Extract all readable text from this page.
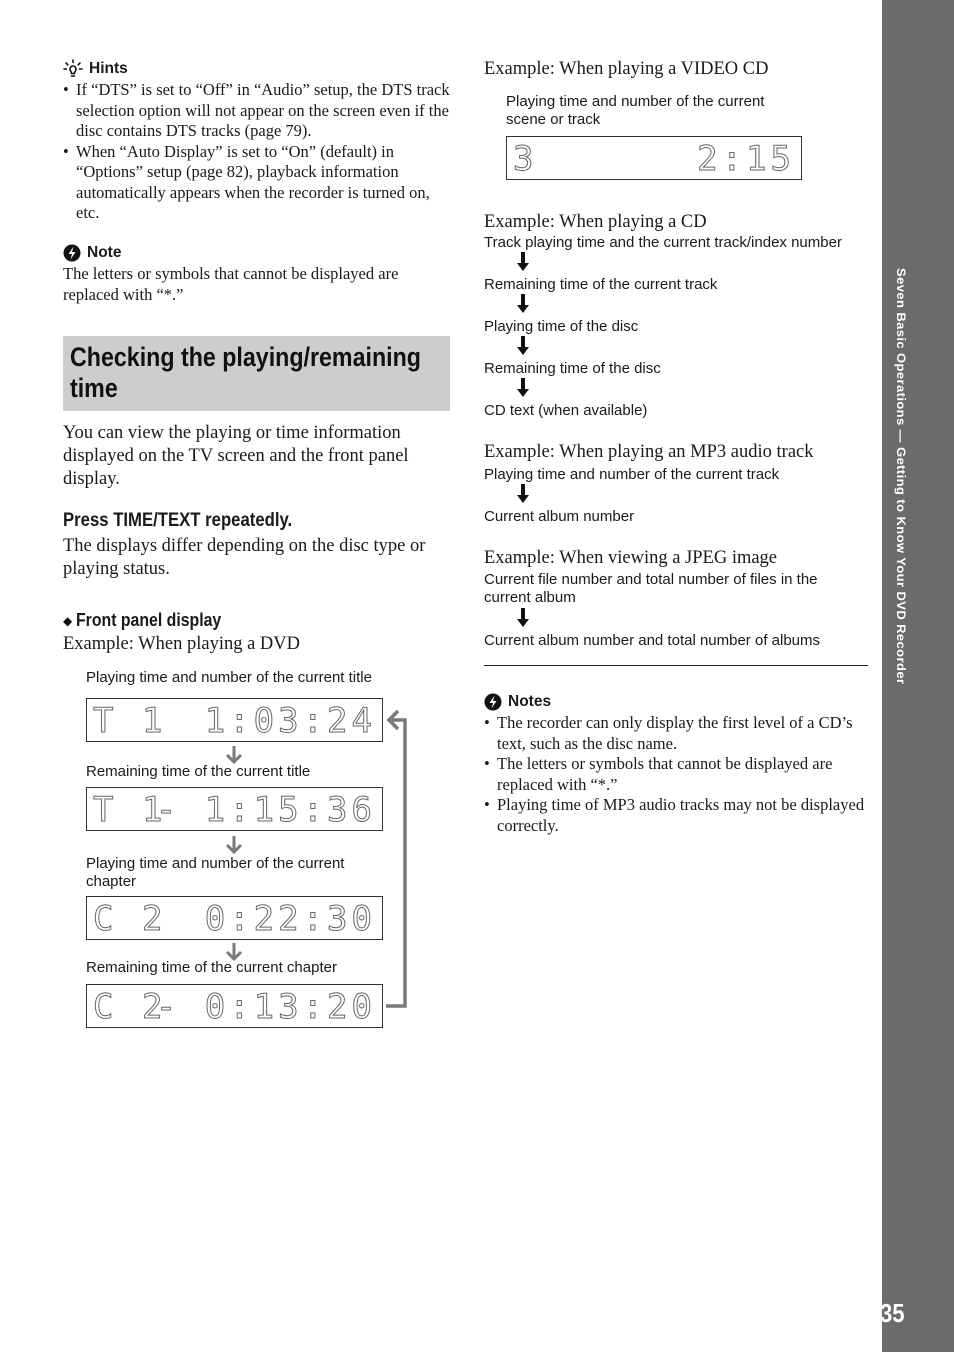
Seven Basic Operations — Getting to Know Your DVD Recorder
35
Hints
• If “DTS” is set to “Off” in “Audio” setup, the DTS track selection option will not appear on the screen even if the disc contains DTS tracks (page 79).
• When “Auto Display” is set to “On” (default) in “Options” setup (page 82), playback information automatically appears when the recorder is turned on, etc.
Note
The letters or symbols that cannot be displayed are replaced with “*.”
Checking the playing/remaining time
You can view the playing or time information displayed on the TV screen and the front panel display.
Press TIME/TEXT repeatedly.
The displays differ depending on the disc type or playing status.
◆ Front panel display
Example: When playing a DVD
Playing time and number of the current title
Remaining time of the current title
Playing time and number of the current chapter
Remaining time of the current chapter
T 1 1:03:24
T 1
- 1:15:36
C 2 0:22:30
C 2
- 0:13:20
Example: When playing a VIDEO CD
Playing time and number of the current scene or track
3	2:15
Example: When playing a CD
Track playing time and the current track/index number
Remaining time of the current track
Playing time of the disc
Remaining time of the disc
CD text (when available)
Example: When playing an MP3 audio track
Playing time and number of the current track
Current album number
Example: When viewing a JPEG image
Current file number and total number of files in the current album
Current album number and total number of albums
Notes
• The recorder can only display the first level of a CD’s text, such as the disc name.
• The letters or symbols that cannot be displayed are replaced with “*.”
• Playing time of MP3 audio tracks may not be displayed correctly.
